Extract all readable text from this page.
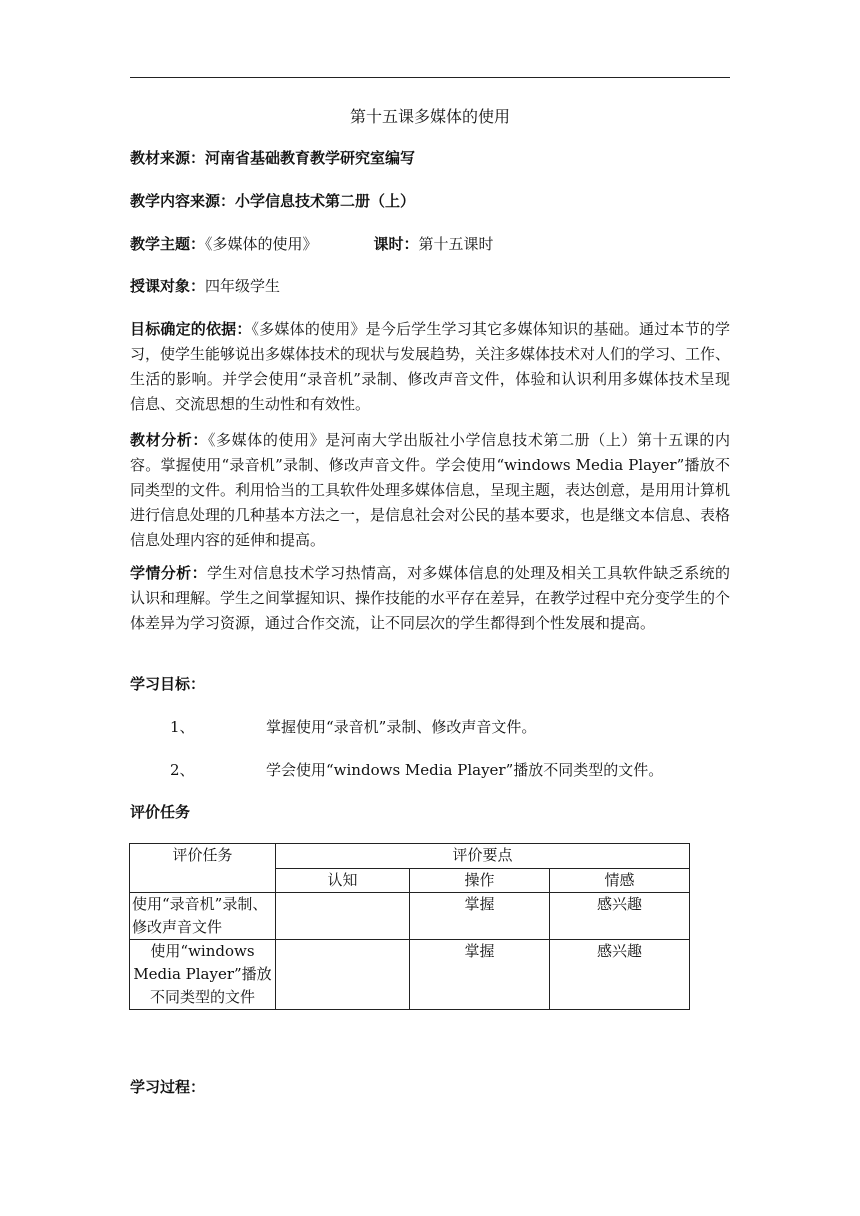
第十五课多媒体的使用
教材来源：河南省基础教育教学研究室编写
教学内容来源：小学信息技术第二册（上）
教学主题：《多媒体的使用》	课时：第十五课时
授课对象：四年级学生
目标确定的依据：《多媒体的使用》是今后学生学习其它多媒体知识的基础。通过本节的学习，使学生能够说出多媒体技术的现状与发展趋势，关注多媒体技术对人们的学习、工作、生活的影响。并学会使用“录音机”录制、修改声音文件，体验和认识利用多媒体技术呈现信息、交流思想的生动性和有效性。
教材分析：《多媒体的使用》是河南大学出版社小学信息技术第二册（上）第十五课的内容。掌握使用“录音机”录制、修改声音文件。学会使用“windows Media Player”播放不同类型的文件。利用恰当的工具软件处理多媒体信息，呈现主题，表达创意，是用用计算机进行信息处理的几种基本方法之一，是信息社会对公民的基本要求，也是继文本信息、表格信息处理内容的延伸和提高。
学情分析：学生对信息技术学习热情高，对多媒体信息的处理及相关工具软件缺乏系统的认识和理解。学生之间掌握知识、操作技能的水平存在差异，在教学过程中充分变学生的个体差异为学习资源，通过合作交流，让不同层次的学生都得到个性发展和提高。
学习目标：
1、	掌握使用“录音机”录制、修改声音文件。
2、	学会使用“windows Media Player”播放不同类型的文件。
评价任务
评价任务	评价要点		
	认知	操作	情感
使用“录音机”录制、修改声音文件		掌握	感兴趣
使用“windows Media Player”播放不同类型的文件		掌握	感兴趣
学习过程：
